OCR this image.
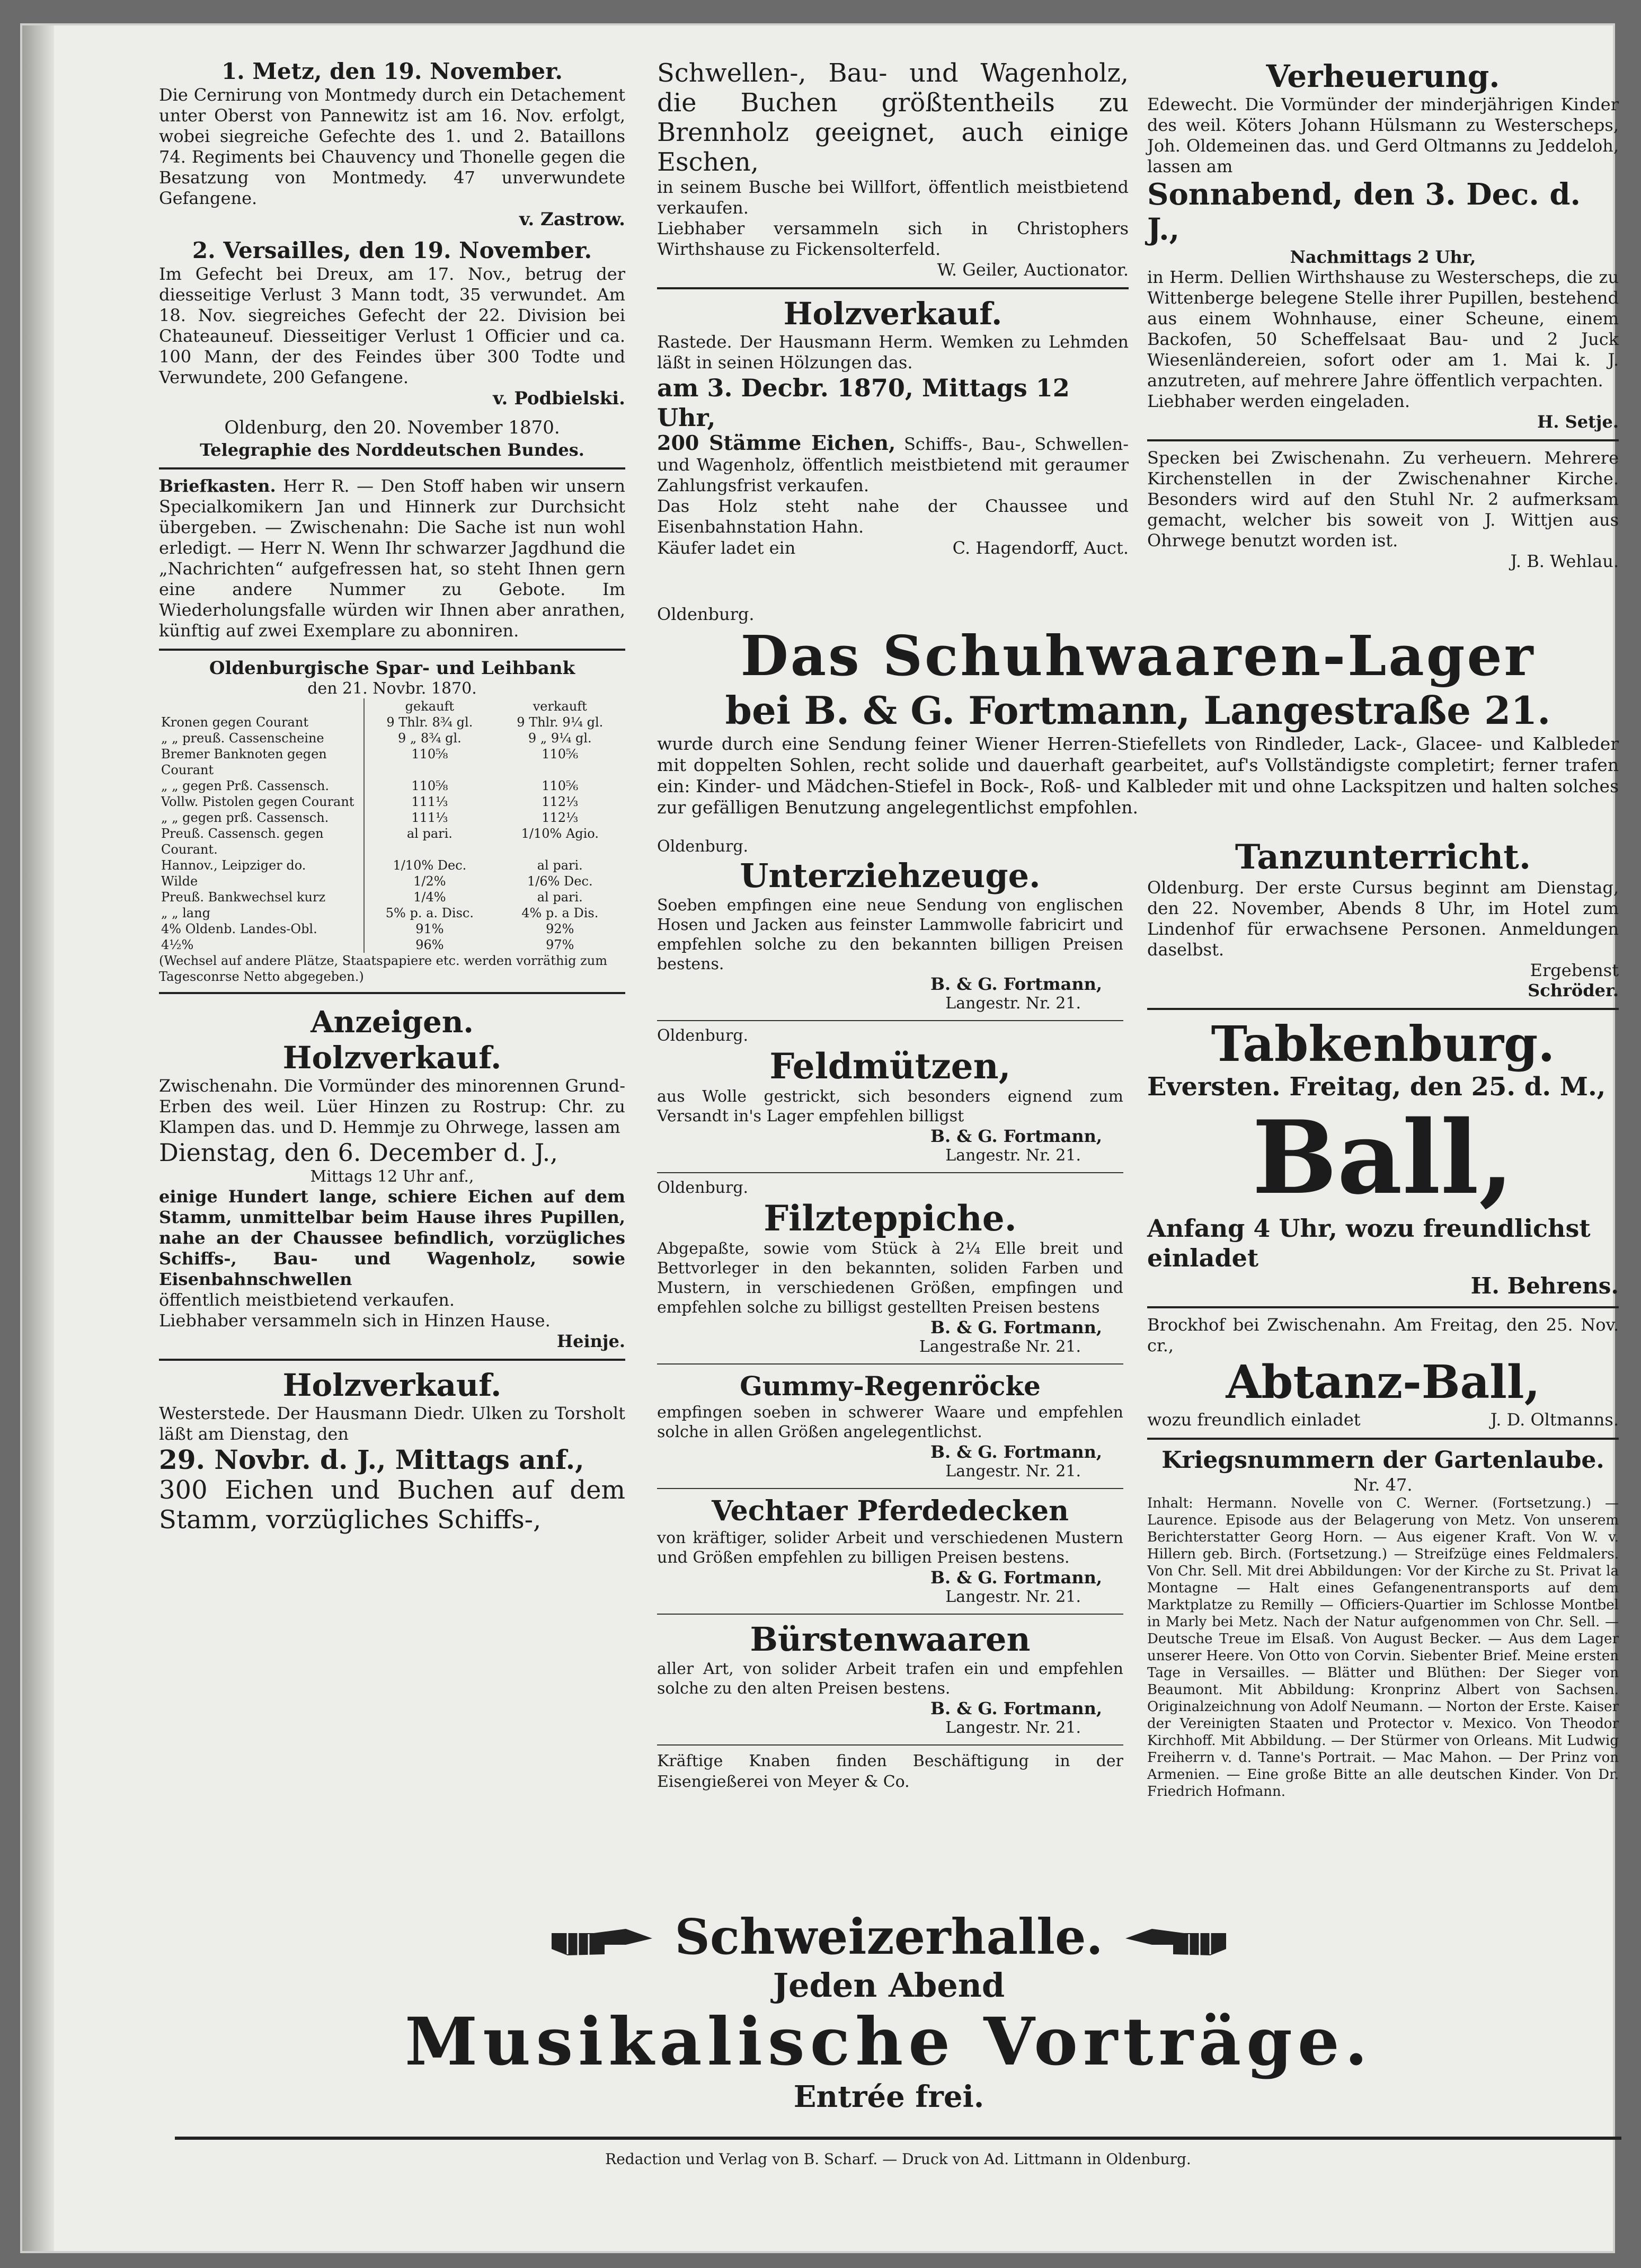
1. Metz, den 19. November.
Die Cernirung von Montmedy durch ein Detachement unter Oberst von Pannewitz ist am 16. Nov. erfolgt, wobei siegreiche Gefechte des 1. und 2. Bataillons 74. Regiments bei Chauvency und Thonelle gegen die Besatzung von Montmedy. 47 unverwundete Gefangene.
v. Zastrow.
2. Versailles, den 19. November.
Im Gefecht bei Dreux, am 17. Nov., betrug der diesseitige Verlust 3 Mann todt, 35 verwundet. Am 18. Nov. siegreiches Gefecht der 22. Division bei Chateauneuf. Diesseitiger Verlust 1 Officier und ca. 100 Mann, der des Feindes über 300 Todte und Verwundete, 200 Gefangene.
v. Podbielski.
Oldenburg, den 20. November 1870.
Telegraphie des Norddeutschen Bundes.
Briefkasten. Herr R. — Den Stoff haben wir unsern Specialkomikern Jan und Hinnerk zur Durchsicht übergeben. — Zwischenahn: Die Sache ist nun wohl erledigt. — Herr N. Wenn Ihr schwarzer Jagdhund die „Nachrichten“ aufgefressen hat, so steht Ihnen gern eine andere Nummer zu Gebote. Im Wiederholungsfalle würden wir Ihnen aber anrathen, künftig auf zwei Exemplare zu abonniren.
Oldenburgische Spar- und Leihbank
den 21. Novbr. 1870.
	gekauft	verkauft
Kronen gegen Courant	9 Thlr. 8¾ gl.	9 Thlr. 9¼ gl.
„ „ preuß. Cassenscheine	9 „ 8¾ gl.	9 „ 9¼ gl.
Bremer Banknoten gegen Courant	110⅝	110⅚
„ „ gegen Prß. Cassensch.	110⅝	110⅚
Vollw. Pistolen gegen Courant	111⅓	112⅓
„ „ gegen prß. Cassensch.	111⅓	112⅓
Preuß. Cassensch. gegen Courant.	al pari.	1/10% Agio.
Hannov., Leipziger do.	1/10% Dec.	al pari.
Wilde	1/2%	1/6% Dec.
Preuß. Bankwechsel kurz	1/4%	al pari.
„ „ lang	5% p. a. Disc.	4% p. a Dis.
4% Oldenb. Landes-Obl.	91%	92%
4½%	96%	97%
(Wechsel auf andere Plätze, Staatspapiere etc. werden vorräthig zum Tagesconrse Netto abgegeben.)
Anzeigen.
Holzverkauf.
Zwischenahn. Die Vormünder des minorennen Grund-Erben des weil. Lüer Hinzen zu Rostrup: Chr. zu Klampen das. und D. Hemmje zu Ohrwege, lassen am
Dienstag, den 6. December d. J.,
Mittags 12 Uhr anf.,
einige Hundert lange, schiere Eichen auf dem Stamm, unmittelbar beim Hause ihres Pupillen, nahe an der Chaussee befindlich, vorzügliches Schiffs-, Bau- und Wagenholz, sowie Eisenbahnschwellen
öffentlich meistbietend verkaufen.
Liebhaber versammeln sich in Hinzen Hause.
Heinje.
Holzverkauf.
Westerstede. Der Hausmann Diedr. Ulken zu Torsholt läßt am Dienstag, den
29. Novbr. d. J., Mittags anf.,
300 Eichen und Buchen auf dem Stamm, vorzügliches Schiffs-,
Schwellen-, Bau- und Wagenholz, die Buchen größtentheils zu Brennholz geeignet, auch einige Eschen,
in seinem Busche bei Willfort, öffentlich meistbietend verkaufen.
Liebhaber versammeln sich in Christophers Wirthshause zu Fickensolterfeld.
W. Geiler, Auctionator.
Holzverkauf.
Rastede. Der Hausmann Herm. Wemken zu Lehmden läßt in seinen Hölzungen das.
am 3. Decbr. 1870, Mittags 12 Uhr,
200 Stämme Eichen, Schiffs-, Bau-, Schwellen- und Wagenholz, öffentlich meistbietend mit geraumer Zahlungsfrist verkaufen.
Das Holz steht nahe der Chaussee und Eisenbahnstation Hahn.
Käufer ladet ein	C. Hagendorff, Auct.
Oldenburg.
Das Schuhwaaren-Lager
bei B. & G. Fortmann, Langestraße 21.
wurde durch eine Sendung feiner Wiener Herren-Stiefellets von Rindleder, Lack-, Glacee- und Kalbleder mit doppelten Sohlen, recht solide und dauerhaft gearbeitet, auf's Vollständigste completirt; ferner trafen ein: Kinder- und Mädchen-Stiefel in Bock-, Roß- und Kalbleder mit und ohne Lackspitzen und halten solches zur gefälligen Benutzung angelegentlichst empfohlen.
Oldenburg.
Unterziehzeuge.
Soeben empfingen eine neue Sendung von englischen Hosen und Jacken aus feinster Lammwolle fabricirt und empfehlen solche zu den bekannten billigen Preisen bestens.
B. & G. Fortmann,
Langestr. Nr. 21.
Oldenburg.
Feldmützen,
aus Wolle gestrickt, sich besonders eignend zum Versandt in's Lager empfehlen billigst
B. & G. Fortmann,
Langestr. Nr. 21.
Oldenburg.
Filzteppiche.
Abgepaßte, sowie vom Stück à 2¼ Elle breit und Bettvorleger in den bekannten, soliden Farben und Mustern, in verschiedenen Größen, empfingen und empfehlen solche zu billigst gestellten Preisen bestens
B. & G. Fortmann,
Langestraße Nr. 21.
Gummy-Regenröcke
empfingen soeben in schwerer Waare und empfehlen solche in allen Größen angelegentlichst.
B. & G. Fortmann,
Langestr. Nr. 21.
Vechtaer Pferdedecken
von kräftiger, solider Arbeit und verschiedenen Mustern und Größen empfehlen zu billigen Preisen bestens.
B. & G. Fortmann,
Langestr. Nr. 21.
Bürstenwaaren
aller Art, von solider Arbeit trafen ein und empfehlen solche zu den alten Preisen bestens.
B. & G. Fortmann,
Langestr. Nr. 21.
Kräftige Knaben finden Beschäftigung in der Eisengießerei von Meyer & Co.
Verheuerung.
Edewecht. Die Vormünder der minderjährigen Kinder des weil. Köters Johann Hülsmann zu Westerscheps, Joh. Oldemeinen das. und Gerd Oltmanns zu Jeddeloh, lassen am
Sonnabend, den 3. Dec. d. J.,
Nachmittags 2 Uhr,
in Herm. Dellien Wirthshause zu Westerscheps, die zu Wittenberge belegene Stelle ihrer Pupillen, bestehend aus einem Wohnhause, einer Scheune, einem Backofen, 50 Scheffelsaat Bau- und 2 Juck Wiesenländereien, sofort oder am 1. Mai k. J. anzutreten, auf mehrere Jahre öffentlich verpachten.
Liebhaber werden eingeladen.
H. Setje.
Specken bei Zwischenahn. Zu verheuern. Mehrere Kirchenstellen in der Zwischenahner Kirche. Besonders wird auf den Stuhl Nr. 2 aufmerksam gemacht, welcher bis soweit von J. Wittjen aus Ohrwege benutzt worden ist.
J. B. Wehlau.
Tanzunterricht.
Oldenburg. Der erste Cursus beginnt am Dienstag, den 22. November, Abends 8 Uhr, im Hotel zum Lindenhof für erwachsene Personen. Anmeldungen daselbst.
Ergebenst
Schröder.
Tabkenburg.
Eversten. Freitag, den 25. d. M.,
Ball,
Anfang 4 Uhr, wozu freundlichst einladet
H. Behrens.
Brockhof bei Zwischenahn. Am Freitag, den 25. Nov. cr.,
Abtanz-Ball,
wozu freundlich einladet	J. D. Oltmanns.
Kriegsnummern der Gartenlaube.
Nr. 47.
Inhalt: Hermann. Novelle von C. Werner. (Fortsetzung.) — Laurence. Episode aus der Belagerung von Metz. Von unserem Berichterstatter Georg Horn. — Aus eigener Kraft. Von W. v. Hillern geb. Birch. (Fortsetzung.) — Streifzüge eines Feldmalers. Von Chr. Sell. Mit drei Abbildungen: Vor der Kirche zu St. Privat la Montagne — Halt eines Gefangenentransports auf dem Marktplatze zu Remilly — Officiers-Quartier im Schlosse Montbel in Marly bei Metz. Nach der Natur aufgenommen von Chr. Sell. — Deutsche Treue im Elsaß. Von August Becker. — Aus dem Lager unserer Heere. Von Otto von Corvin. Siebenter Brief. Meine ersten Tage in Versailles. — Blätter und Blüthen: Der Sieger von Beaumont. Mit Abbildung: Kronprinz Albert von Sachsen. Originalzeichnung von Adolf Neumann. — Norton der Erste. Kaiser der Vereinigten Staaten und Protector v. Mexico. Von Theodor Kirchhoff. Mit Abbildung. — Der Stürmer von Orleans. Mit Ludwig Freiherrn v. d. Tanne's Portrait. — Mac Mahon. — Der Prinz von Armenien. — Eine große Bitte an alle deutschen Kinder. Von Dr. Friedrich Hofmann.
Schweizerhalle.
Jeden Abend
Musikalische Vorträge.
Entrée frei.
Redaction und Verlag von B. Scharf. — Druck von Ad. Littmann in Oldenburg.
